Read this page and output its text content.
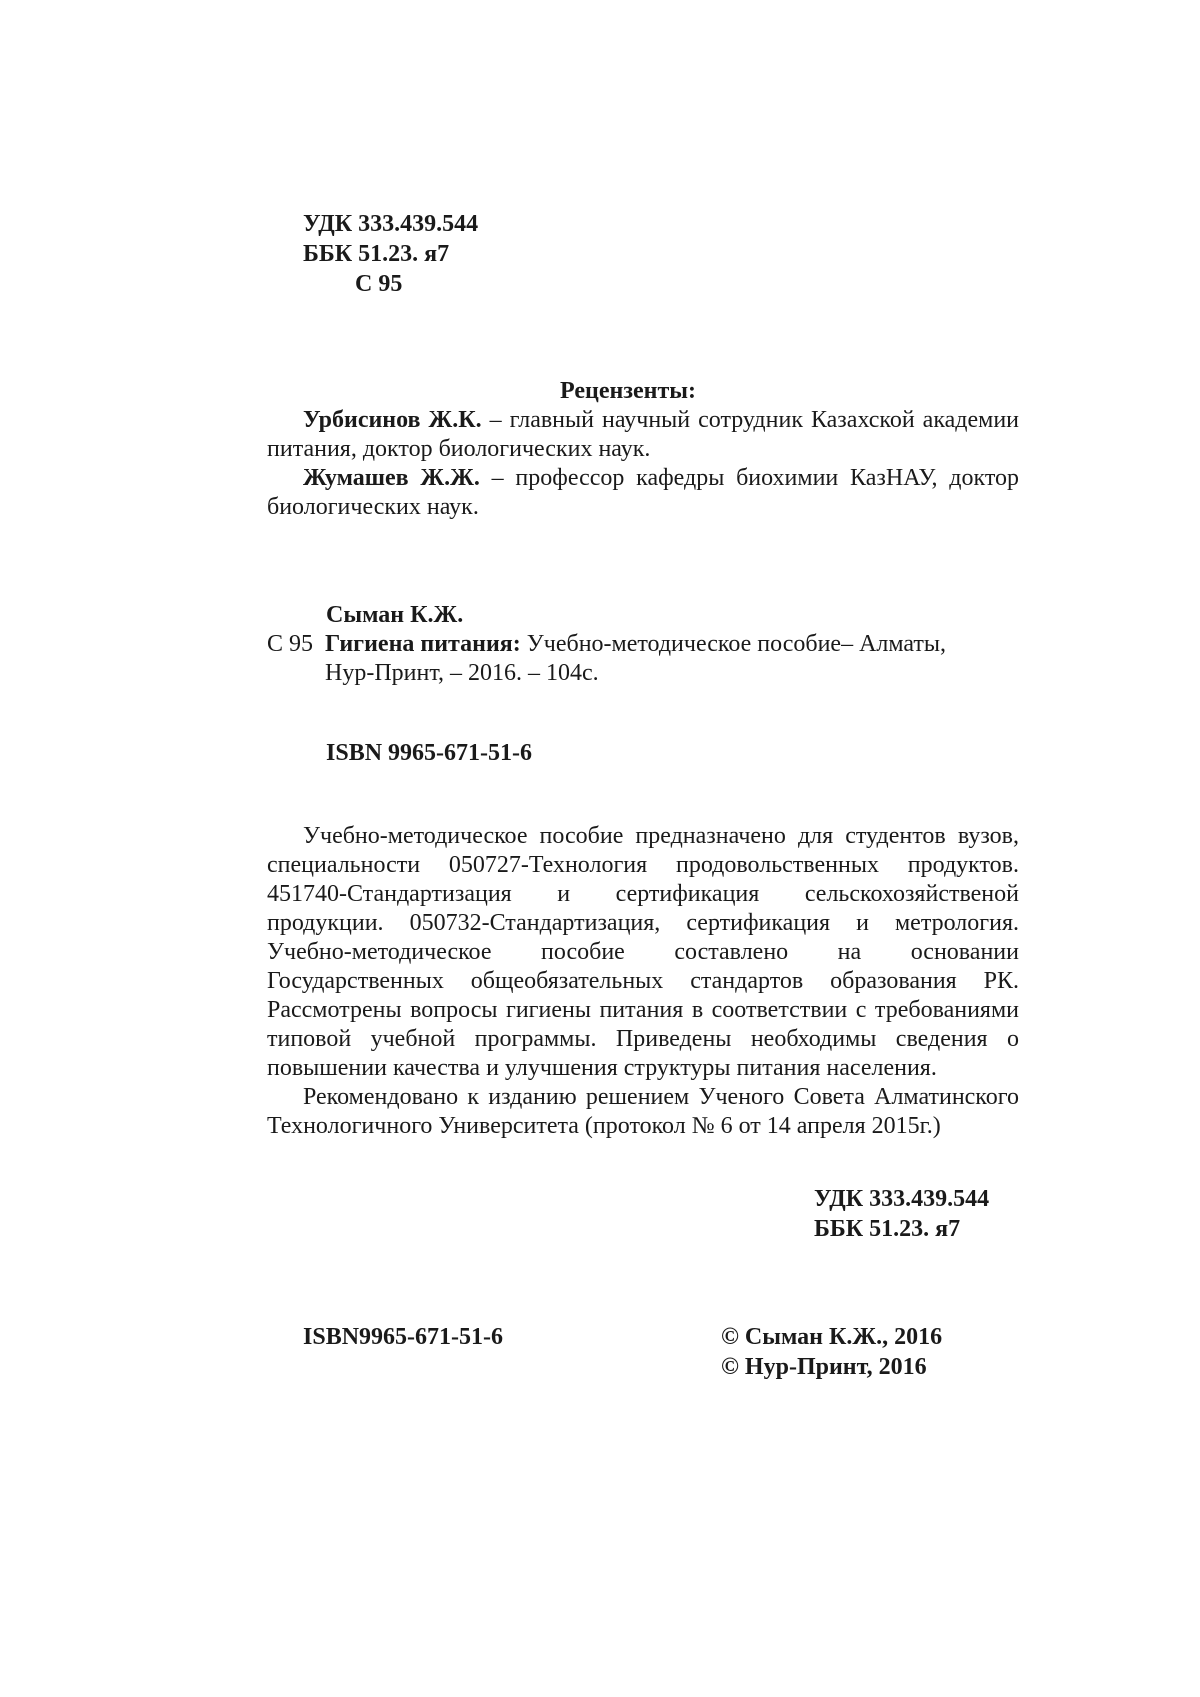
УДК 333.439.544
ББК 51.23. я7
С 95
Рецензенты:

Урбисинов Ж.К. – главный научный сотрудник Казахской академии питания, доктор биологических наук.

Жумашев Ж.Ж. – профессор кафедры биохимии КазНАУ, доктор биологических наук.

Сыман К.Ж.
С 95 Гигиена питания: Учебно-методическое пособие– Алматы,
Нур-Принт, – 2016. – 104с.
ISBN 9965-671-51-6

Учебно-методическое пособие предназначено для студентов вузов, специальности 050727-Технология продовольственных продуктов. 451740-Стандартизация и сертификация сельскохозяйственой продукции. 050732-Стандартизация, сертификация и метрология. Учебно-методическое пособие составлено на основании Государственных общеобязательных стандартов образования РК. Рассмотрены вопросы гигиены питания в соответствии с требованиями типовой учебной программы. Приведены необходимы сведения о повышении качества и улучшения структуры питания населения.

Рекомендовано к изданию решением Ученого Совета Алматинского Технологичного Университета (протокол № 6 от 14 апреля 2015г.)

УДК 333.439.544
ББК 51.23. я7
ISBN9965-671-51-6	© Сыман К.Ж., 2016
© Нур-Принт, 2016
